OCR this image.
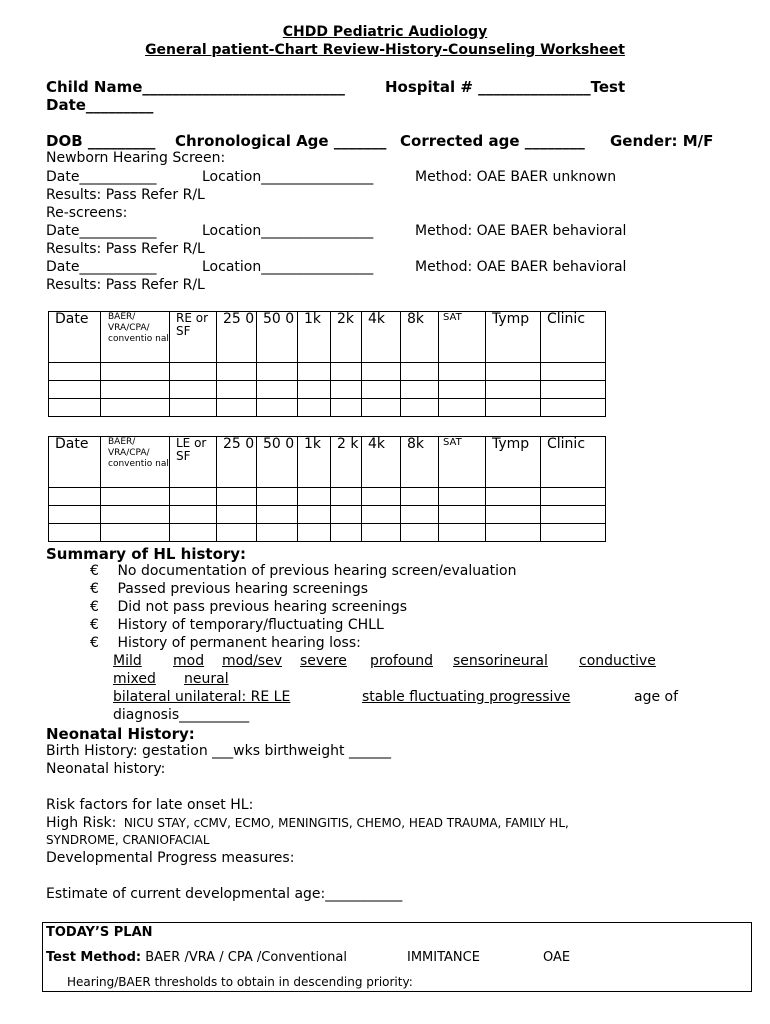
CHDD Pediatric Audiology
General patient-Chart Review-History-Counseling Worksheet
Child Name___________________________	Hospital # _______________Test
Date_________
DOB _________ Chronological Age _______ Corrected age ________ Gender: M/F
Newborn Hearing Screen:
Date___________	Location________________	Method: OAE BAER unknown
Results: Pass Refer R/L
Re-screens:
Date___________	Location________________	Method: OAE BAER behavioral
Results: Pass Refer R/L
Date___________	Location________________	Method: OAE BAER behavioral
Results: Pass Refer R/L
Date	BAER/ VRA/CPA/ conventio nal	RE or SF	25 0	50 0	1k	2k	4k	8k	SAT	Tymp	Clinic

Date	BAER/ VRA/CPA/ conventio nal	LE or SF	25 0	50 0	1k	2 k	4k	8k	SAT	Tymp	Clinic

Summary of HL history:
€ No documentation of previous hearing screen/evaluation
€ Passed previous hearing screenings
€ Did not pass previous hearing screenings
€ History of temporary/fluctuating CHLL
€ History of permanent hearing loss:
Mild mod mod/sev severe profound sensorineural conductive
mixed neural
bilateral unilateral: RE LE	stable fluctuating progressive	age of
diagnosis__________
Neonatal History:
Birth History: gestation ___wks birthweight ______
Neonatal history:
Risk factors for late onset HL:
High Risk: NICU STAY, cCMV, ECMO, MENINGITIS, CHEMO, HEAD TRAUMA, FAMILY HL,
SYNDROME, CRANIOFACIAL
Developmental Progress measures:
Estimate of current developmental age:___________
TODAY’S PLAN
Test Method: BAER /VRA / CPA /Conventional	IMMITANCE	OAE
Hearing/BAER thresholds to obtain in descending priority:
